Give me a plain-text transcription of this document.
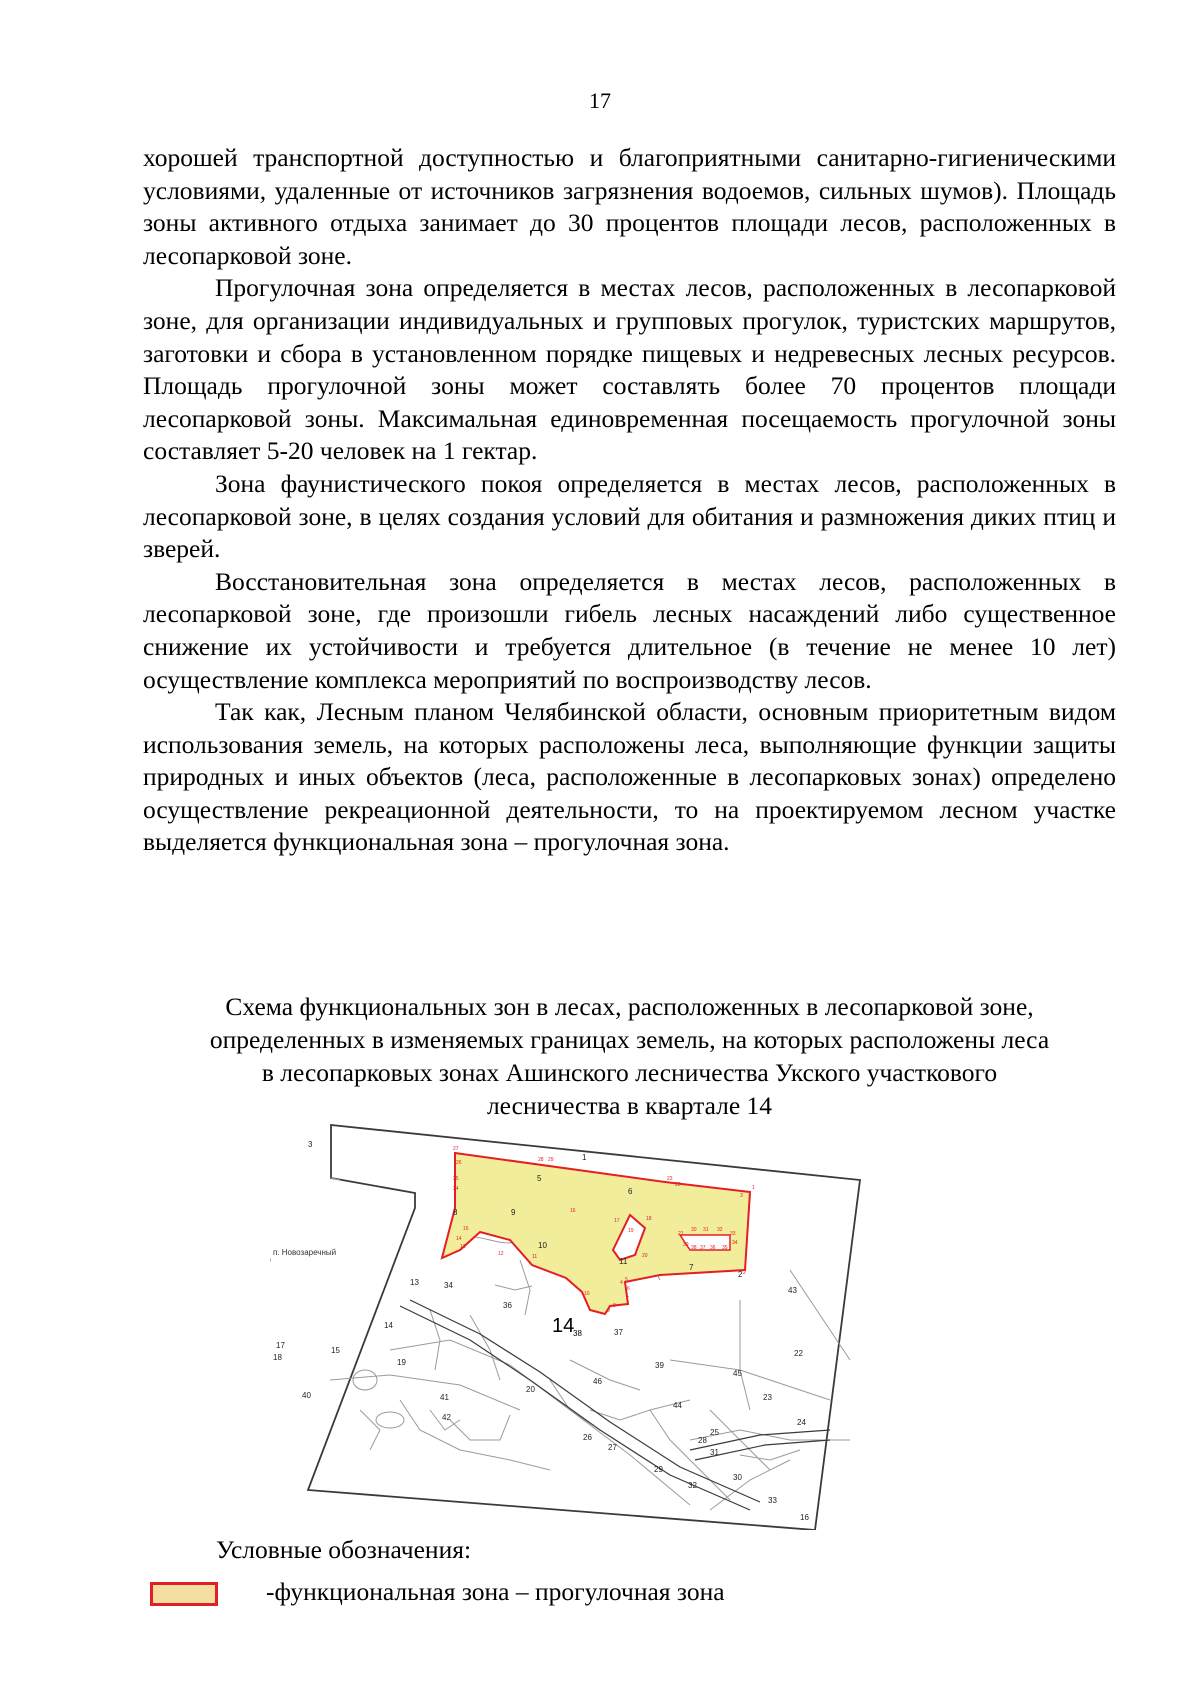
17

хорошей транспортной доступностью и благоприятными санитарно-гигиеническими условиями, удаленные от источников загрязнения водоемов, сильных шумов). Площадь зоны активного отдыха занимает до 30 процентов площади лесов, расположенных в лесопарковой зоне.

Прогулочная зона определяется в местах лесов, расположенных в лесопарковой зоне, для организации индивидуальных и групповых прогулок, туристских маршрутов, заготовки и сбора в установленном порядке пищевых и недревесных лесных ресурсов. Площадь прогулочной зоны может составлять более 70 процентов площади лесопарковой зоны. Максимальная единовременная посещаемость прогулочной зоны составляет 5-20 человек на 1 гектар.

Зона фаунистического покоя определяется в местах лесов, расположенных в лесопарковой зоне, в целях создания условий для обитания и размножения диких птиц и зверей.

Восстановительная зона определяется в местах лесов, расположенных в лесопарковой зоне, где произошли гибель лесных насаждений либо существенное снижение их устойчивости и требуется длительное (в течение не менее 10 лет) осуществление комплекса мероприятий по воспроизводству лесов.

Так как, Лесным планом Челябинской области, основным приоритетным видом использования земель, на которых расположены леса, выполняющие функции защиты природных и иных объектов (леса, расположенные в лесопарковых зонах) определено осуществление рекреационной деятельности, то на проектируемом лесном участке выделяется функциональная зона – прогулочная зона.

Схема функциональных зон в лесах, расположенных в лесопарковой зоне,
определенных в изменяемых границах земель, на которых расположены леса
в лесопарковых зонах Ашинского лесничества Укского участкового
лесничества в квартале 14
п. Новозаречный
14
38
1
2
3
5
6
7
8	9
10
11
13
14
15
16
17
18
19
20
22
23
24
25
26
27
28
29
30
31
32
33
34
36
37
39
40	41
42
43
44
45
46
27
26	28 29
25
24
23
22
21
20
19
18
17
16
15
14
13
12	11
10
9
8
7
6
5
4
3
2
1
30 31 32
33
34
35
36
37
38
39
Условные обозначения:
-функциональная зона – прогулочная зона
